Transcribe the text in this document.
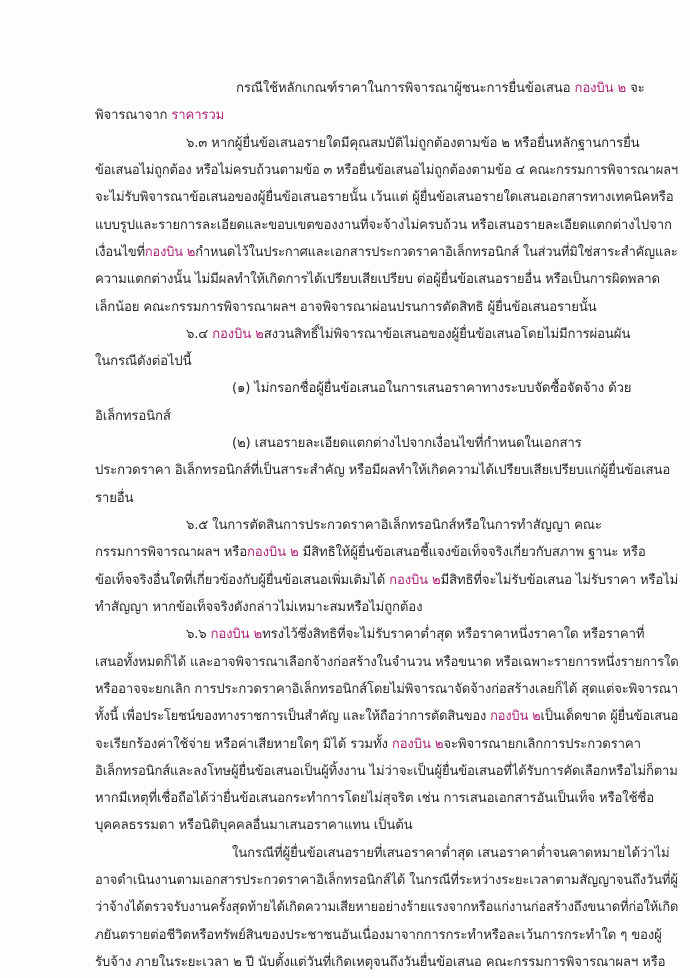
กรณีใช้หลักเกณฑ์ราคาในการพิจารณาผู้ชนะการยื่นข้อเสนอ กองบิน ๒ จะ
พิจารณาจาก ราคารวม
๖.๓ หากผู้ยื่นข้อเสนอรายใดมีคุณสมบัติไม่ถูกต้องตามข้อ ๒ หรือยื่นหลักฐานการยื่น
ข้อเสนอไม่ถูกต้อง หรือไม่ครบถ้วนตามข้อ ๓ หรือยื่นข้อเสนอไม่ถูกต้องตามข้อ ๔ คณะกรรมการพิจารณาผลฯ
จะไม่รับพิจารณาข้อเสนอของผู้ยื่นข้อเสนอรายนั้น เว้นแต่ ผู้ยื่นข้อเสนอรายใดเสนอเอกสารทางเทคนิคหรือ
แบบรูปและรายการละเอียดและขอบเขตของงานที่จะจ้างไม่ครบถ้วน หรือเสนอรายละเอียดแตกต่างไปจาก
เงื่อนไขที่กองบิน ๒กำหนดไว้ในประกาศและเอกสารประกวดราคาอิเล็กทรอนิกส์ ในส่วนที่มิใช่สาระสำคัญและ
ความแตกต่างนั้น ไม่มีผลทำให้เกิดการได้เปรียบเสียเปรียบ ต่อผู้ยื่นข้อเสนอรายอื่น หรือเป็นการผิดพลาด
เล็กน้อย คณะกรรมการพิจารณาผลฯ อาจพิจารณาผ่อนปรนการตัดสิทธิ ผู้ยื่นข้อเสนอรายนั้น
๖.๔ กองบิน ๒สงวนสิทธิ์ไม่พิจารณาข้อเสนอของผู้ยื่นข้อเสนอโดยไม่มีการผ่อนผัน
ในกรณีดังต่อไปนี้
(๑) ไม่กรอกชื่อผู้ยื่นข้อเสนอในการเสนอราคาทางระบบจัดซื้อจัดจ้าง ด้วย
อิเล็กทรอนิกส์
(๒) เสนอรายละเอียดแตกต่างไปจากเงื่อนไขที่กำหนดในเอกสาร
ประกวดราคา อิเล็กทรอนิกส์ที่เป็นสาระสำคัญ หรือมีผลทำให้เกิดความได้เปรียบเสียเปรียบแก่ผู้ยื่นข้อเสนอ
รายอื่น
๖.๕ ในการตัดสินการประกวดราคาอิเล็กทรอนิกส์หรือในการทำสัญญา คณะ
กรรมการพิจารณาผลฯ หรือกองบิน ๒ มีสิทธิให้ผู้ยื่นข้อเสนอชี้แจงข้อเท็จจริงเกี่ยวกับสภาพ ฐานะ หรือ
ข้อเท็จจริงอื่นใดที่เกี่ยวข้องกับผู้ยื่นข้อเสนอเพิ่มเติมได้ กองบิน ๒มีสิทธิที่จะไม่รับข้อเสนอ ไม่รับราคา หรือไม่
ทำสัญญา หากข้อเท็จจริงดังกล่าวไม่เหมาะสมหรือไม่ถูกต้อง
๖.๖ กองบิน ๒ทรงไว้ซึ่งสิทธิที่จะไม่รับราคาต่ำสุด หรือราคาหนึ่งราคาใด หรือราคาที่
เสนอทั้งหมดก็ได้ และอาจพิจารณาเลือกจ้างก่อสร้างในจำนวน หรือขนาด หรือเฉพาะรายการหนึ่งรายการใด
หรืออาจจะยกเลิก การประกวดราคาอิเล็กทรอนิกส์โดยไม่พิจารณาจัดจ้างก่อสร้างเลยก็ได้ สุดแต่จะพิจารณา
ทั้งนี้ เพื่อประโยชน์ของทางราชการเป็นสำคัญ และให้ถือว่าการตัดสินของ กองบิน ๒เป็นเด็ดขาด ผู้ยื่นข้อเสนอ
จะเรียกร้องค่าใช้จ่าย หรือค่าเสียหายใดๆ มิได้ รวมทั้ง กองบิน ๒จะพิจารณายกเลิกการประกวดราคา
อิเล็กทรอนิกส์และลงโทษผู้ยื่นข้อเสนอเป็นผู้ทิ้งงาน ไม่ว่าจะเป็นผู้ยื่นข้อเสนอที่ได้รับการคัดเลือกหรือไม่ก็ตาม
หากมีเหตุที่เชื่อถือได้ว่ายื่นข้อเสนอกระทำการโดยไม่สุจริต เช่น การเสนอเอกสารอันเป็นเท็จ หรือใช้ชื่อ
บุคคลธรรมดา หรือนิติบุคคลอื่นมาเสนอราคาแทน เป็นต้น
ในกรณีที่ผู้ยื่นข้อเสนอรายที่เสนอราคาต่ำสุด เสนอราคาต่ำจนคาดหมายได้ว่าไม่
อาจดำเนินงานตามเอกสารประกวดราคาอิเล็กทรอนิกส์ได้ ในกรณีที่ระหว่างระยะเวลาตามสัญญาจนถึงวันที่ผู้
ว่าจ้างได้ตรวจรับงานครั้งสุดท้ายได้เกิดความเสียหายอย่างร้ายแรงจากหรือแก่งานก่อสร้างถึงขนาดที่ก่อให้เกิด
ภยันตรายต่อชีวิตหรือทรัพย์สินของประชาชนอันเนื่องมาจากการกระทำหรือละเว้นการกระทำใด ๆ ของผู้
รับจ้าง ภายในระยะเวลา ๒ ปี นับตั้งแต่วันที่เกิดเหตุจนถึงวันยื่นข้อเสนอ คณะกรรมการพิจารณาผลฯ หรือ
